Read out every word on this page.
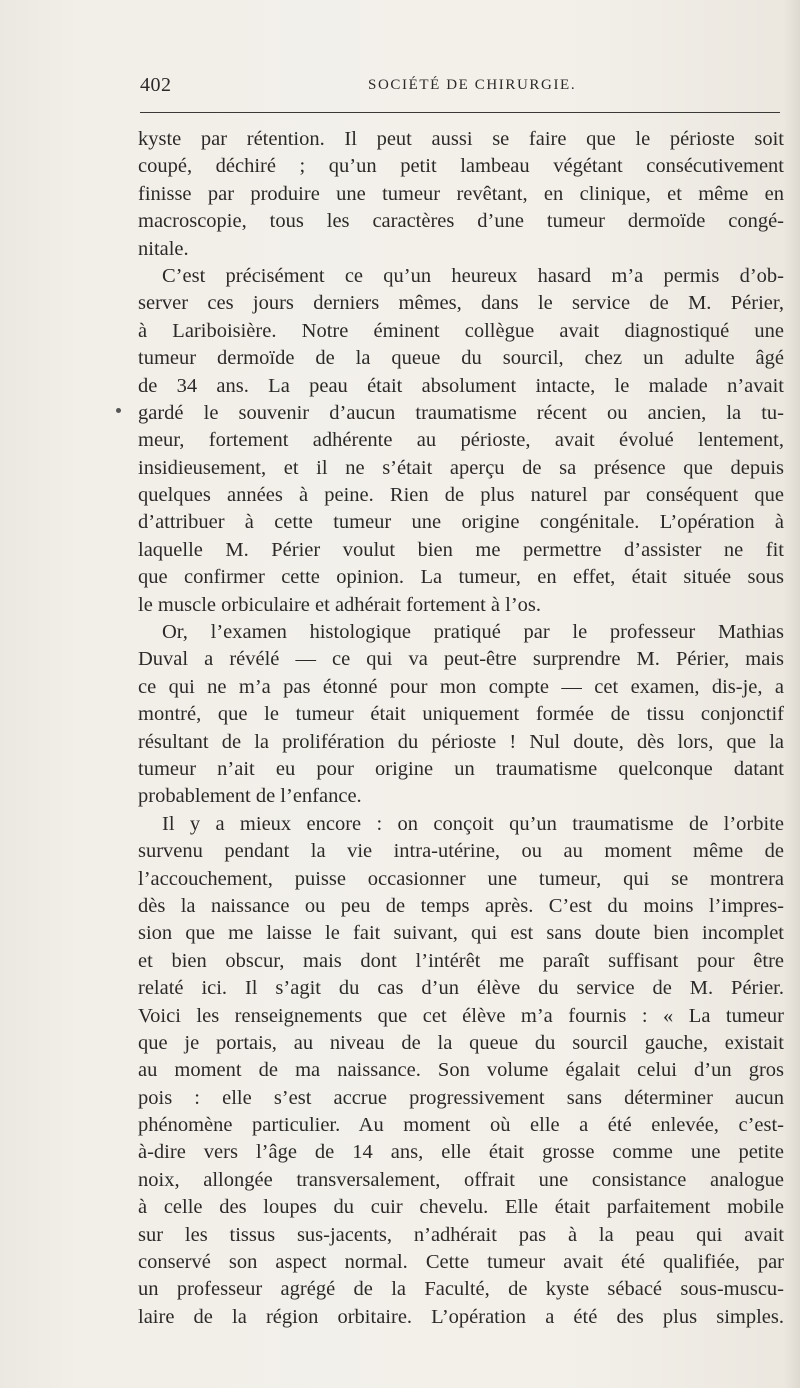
402	SOCIÉTÉ DE CHIRURGIE.
kyste par rétention. Il peut aussi se faire que le périoste soit
coupé, déchiré ; qu’un petit lambeau végétant consécutivement
finisse par produire une tumeur revêtant, en clinique, et même en
macroscopie, tous les caractères d’une tumeur dermoïde congé-
nitale.
C’est précisément ce qu’un heureux hasard m’a permis d’ob-
server ces jours derniers mêmes, dans le service de M. Périer,
à Lariboisière. Notre éminent collègue avait diagnostiqué une
tumeur dermoïde de la queue du sourcil, chez un adulte âgé
de 34 ans. La peau était absolument intacte, le malade n’avait
gardé le souvenir d’aucun traumatisme récent ou ancien, la tu-
meur, fortement adhérente au périoste, avait évolué lentement,
insidieusement, et il ne s’était aperçu de sa présence que depuis
quelques années à peine. Rien de plus naturel par conséquent que
d’attribuer à cette tumeur une origine congénitale. L’opération à
laquelle M. Périer voulut bien me permettre d’assister ne fit
que confirmer cette opinion. La tumeur, en effet, était située sous
le muscle orbiculaire et adhérait fortement à l’os.
Or, l’examen histologique pratiqué par le professeur Mathias
Duval a révélé — ce qui va peut-être surprendre M. Périer, mais
ce qui ne m’a pas étonné pour mon compte — cet examen, dis-je, a
montré, que le tumeur était uniquement formée de tissu conjonctif
résultant de la prolifération du périoste ! Nul doute, dès lors, que la
tumeur n’ait eu pour origine un traumatisme quelconque datant
probablement de l’enfance.
Il y a mieux encore : on conçoit qu’un traumatisme de l’orbite
survenu pendant la vie intra-utérine, ou au moment même de
l’accouchement, puisse occasionner une tumeur, qui se montrera
dès la naissance ou peu de temps après. C’est du moins l’impres-
sion que me laisse le fait suivant, qui est sans doute bien incomplet
et bien obscur, mais dont l’intérêt me paraît suffisant pour être
relaté ici. Il s’agit du cas d’un élève du service de M. Périer.
Voici les renseignements que cet élève m’a fournis : « La tumeur
que je portais, au niveau de la queue du sourcil gauche, existait
au moment de ma naissance. Son volume égalait celui d’un gros
pois : elle s’est accrue progressivement sans déterminer aucun
phénomène particulier. Au moment où elle a été enlevée, c’est-
à-dire vers l’âge de 14 ans, elle était grosse comme une petite
noix, allongée transversalement, offrait une consistance analogue
à celle des loupes du cuir chevelu. Elle était parfaitement mobile
sur les tissus sus-jacents, n’adhérait pas à la peau qui avait
conservé son aspect normal. Cette tumeur avait été qualifiée, par
un professeur agrégé de la Faculté, de kyste sébacé sous-muscu-
laire de la région orbitaire. L’opération a été des plus simples.
